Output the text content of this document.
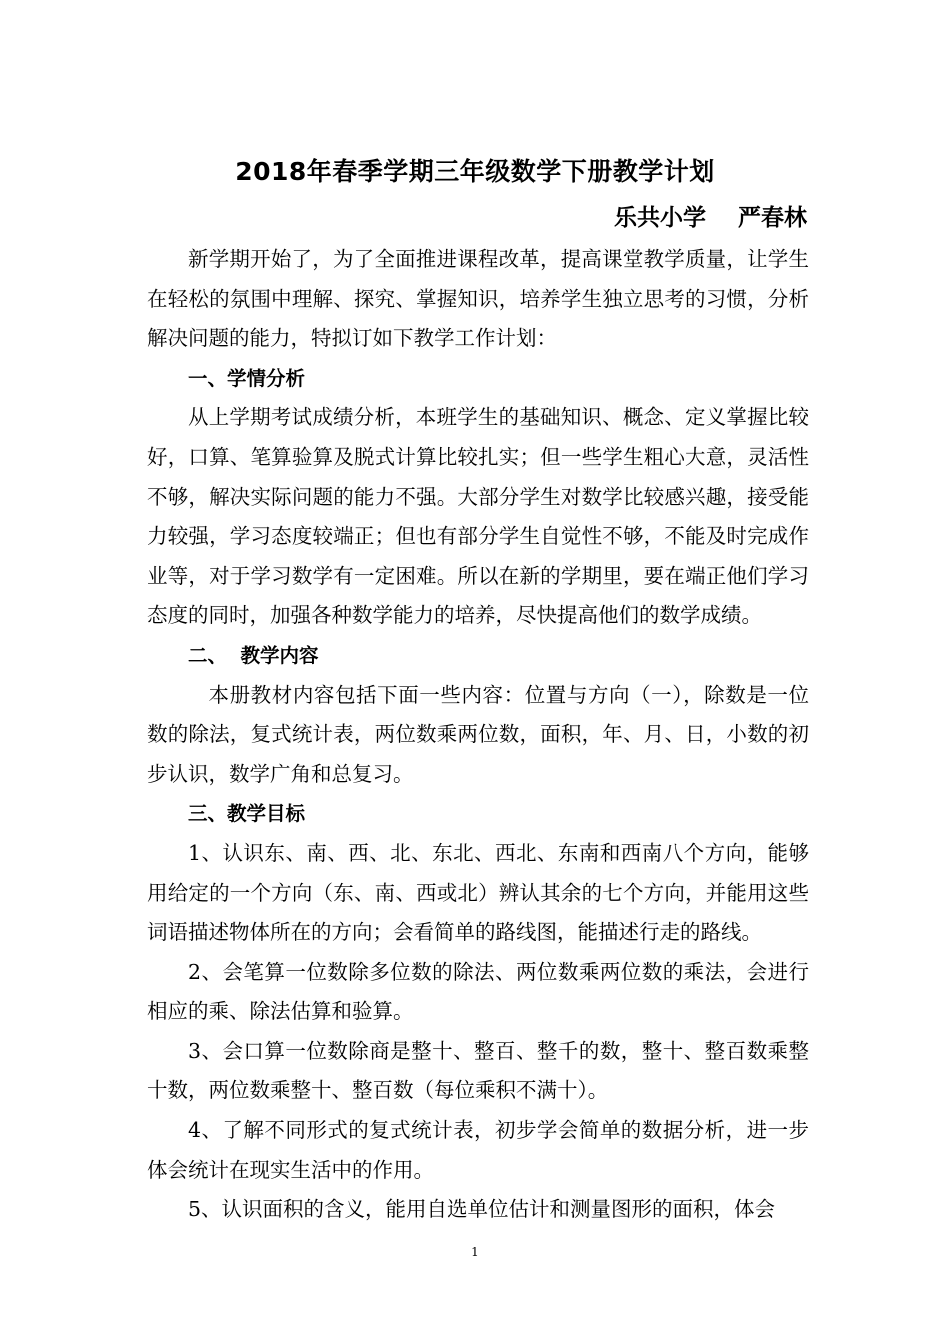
2018年春季学期三年级数学下册教学计划
乐共小学    严春林

新学期开始了，为了全面推进课程改革，提高课堂教学质量，让学生在轻松的氛围中理解、探究、掌握知识，培养学生独立思考的习惯，分析解决问题的能力，特拟订如下教学工作计划：

一、学情分析

从上学期考试成绩分析，本班学生的基础知识、概念、定义掌握比较好，口算、笔算验算及脱式计算比较扎实；但一些学生粗心大意，灵活性不够，解决实际问题的能力不强。大部分学生对数学比较感兴趣，接受能力较强，学习态度较端正；但也有部分学生自觉性不够，不能及时完成作业等，对于学习数学有一定困难。所以在新的学期里，要在端正他们学习态度的同时，加强各种数学能力的培养，尽快提高他们的数学成绩。

二、  教学内容

本册教材内容包括下面一些内容：位置与方向（一），除数是一位数的除法，复式统计表，两位数乘两位数，面积，年、月、日，小数的初步认识，数学广角和总复习。

三、教学目标

1、认识东、南、西、北、东北、西北、东南和西南八个方向，能够用给定的一个方向（东、南、西或北）辨认其余的七个方向，并能用这些词语描述物体所在的方向；会看简单的路线图，能描述行走的路线。

2、会笔算一位数除多位数的除法、两位数乘两位数的乘法，会进行相应的乘、除法估算和验算。

3、会口算一位数除商是整十、整百、整千的数，整十、整百数乘整十数，两位数乘整十、整百数（每位乘积不满十）。

4、了解不同形式的复式统计表，初步学会简单的数据分析，进一步体会统计在现实生活中的作用。

5、认识面积的含义，能用自选单位估计和测量图形的面积，体会

1
